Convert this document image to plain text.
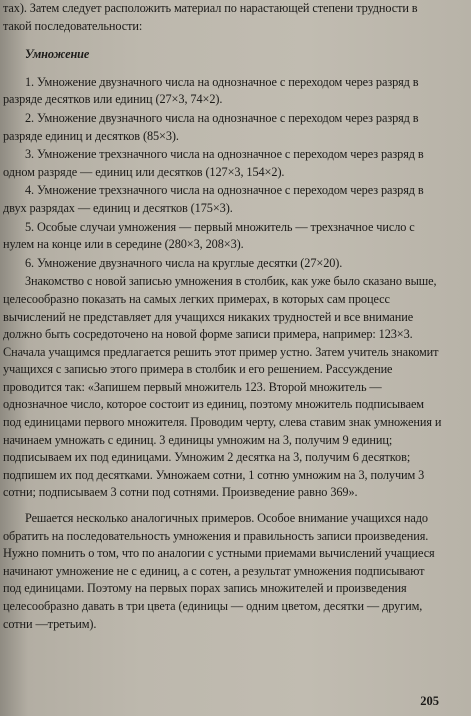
тах). Затем следует расположить материал по нарастающей степени трудности в такой последовательности:

Умножение

1. Умножение двузначного числа на однозначное с переходом через разряд в разряде десятков или единиц (27×3, 74×2).

2. Умножение двузначного числа на однозначное с переходом через разряд в разряде единиц и десятков (85×3).

3. Умножение трехзначного числа на однозначное с переходом через разряд в одном разряде — единиц или десятков (127×3, 154×2).

4. Умножение трехзначного числа на однозначное с переходом через разряд в двух разрядах — единиц и десятков (175×3).

5. Особые случаи умножения — первый множитель — трехзначное число с нулем на конце или в середине (280×3, 208×3).

6. Умножение двузначного числа на круглые десятки (27×20).

Знакомство с новой записью умножения в столбик, как уже было сказано выше, целесообразно показать на самых легких примерах, в которых сам процесс вычислений не представляет для учащихся никаких трудностей и все внимание должно быть сосредоточено на новой форме записи примера, например: 123×3. Сначала учащимся предлагается решить этот пример устно. Затем учитель знакомит учащихся с записью этого примера в столбик и его решением. Рассуждение проводится так: «Запишем первый множитель 123. Второй множитель — однозначное число, которое состоит из единиц, поэтому множитель подписываем под единицами первого множителя. Проводим черту, слева ставим знак умножения и начинаем умножать с единиц. 3 единицы умножим на 3, получим 9 единиц; подписываем их под единицами. Умножим 2 десятка на 3, получим 6 десятков; подпишем их под десятками. Умножаем сотни, 1 сотню умножим на 3, получим 3 сотни; подписываем 3 сотни под сотнями. Произведение равно 369».

Решается несколько аналогичных примеров. Особое внимание учащихся надо обратить на последовательность умножения и правильность записи произведения. Нужно помнить о том, что по аналогии с устными приемами вычислений учащиеся начинают умножение не с единиц, а с сотен, а результат умножения подписывают под единицами. Поэтому на первых порах запись множителей и произведения целесообразно давать в три цвета (единицы — одним цветом, десятки — другим, сотни —третьим).

205
